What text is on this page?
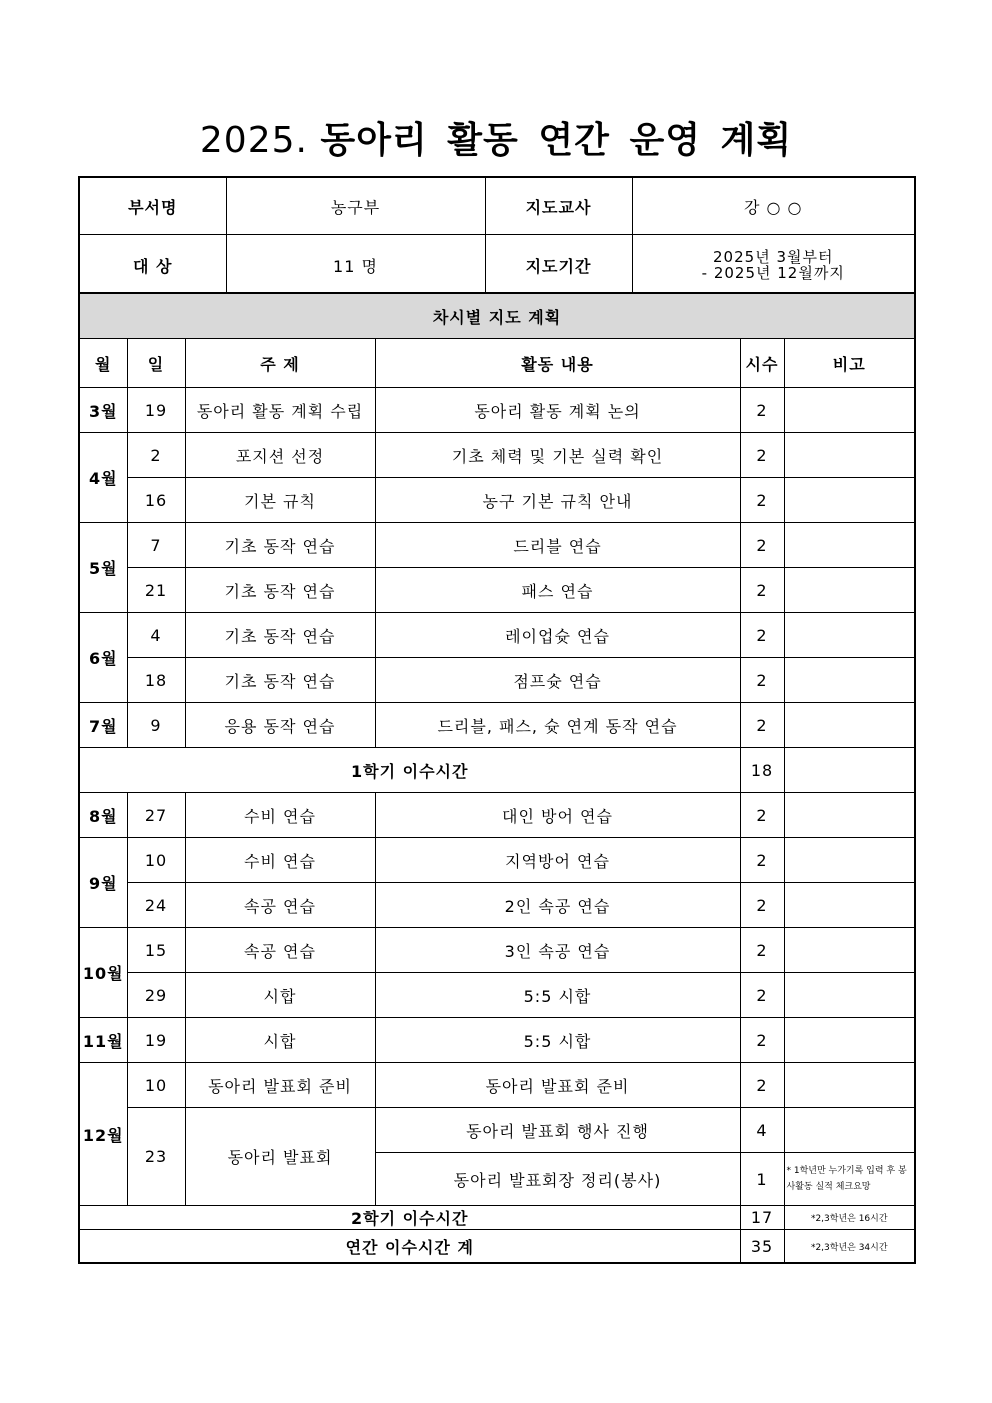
2025. 동아리 활동 연간 운영 계획
부서명	농구부	지도교사	강 ○ ○
대 상	11 명	지도기간	2025년 3월부터
- 2025년 12월까지
차시별 지도 계획					
월	일	주 제	활동 내용	시수	비고
3월	19	동아리 활동 계획 수립	동아리 활동 계획 논의	2	
4월	2	포지션 선정	기초 체력 및 기본 실력 확인	2	
	16	기본 규칙	농구 기본 규칙 안내	2	
5월	7	기초 동작 연습	드리블 연습	2	
	21	기초 동작 연습	패스 연습	2	
6월	4	기초 동작 연습	레이업슛 연습	2	
	18	기초 동작 연습	점프슛 연습	2	
7월	9	응용 동작 연습	드리블, 패스, 슛 연계 동작 연습	2	
1학기 이수시간				18	
8월	27	수비 연습	대인 방어 연습	2	
9월	10	수비 연습	지역방어 연습	2	
	24	속공 연습	2인 속공 연습	2	
10월	15	속공 연습	3인 속공 연습	2	
	29	시합	5:5 시합	2	
11월	19	시합	5:5 시합	2	
12월	10	동아리 발표회 준비	동아리 발표회 준비	2	
	23	동아리 발표회	동아리 발표회 행사 진행	4	
			동아리 발표회장 정리(봉사)	1	* 1학년만 누가기록 입력 후 봉사활동 실적 체크요망
2학기 이수시간				17	*2,3학년은 16시간
연간 이수시간 계				35	*2,3학년은 34시간
